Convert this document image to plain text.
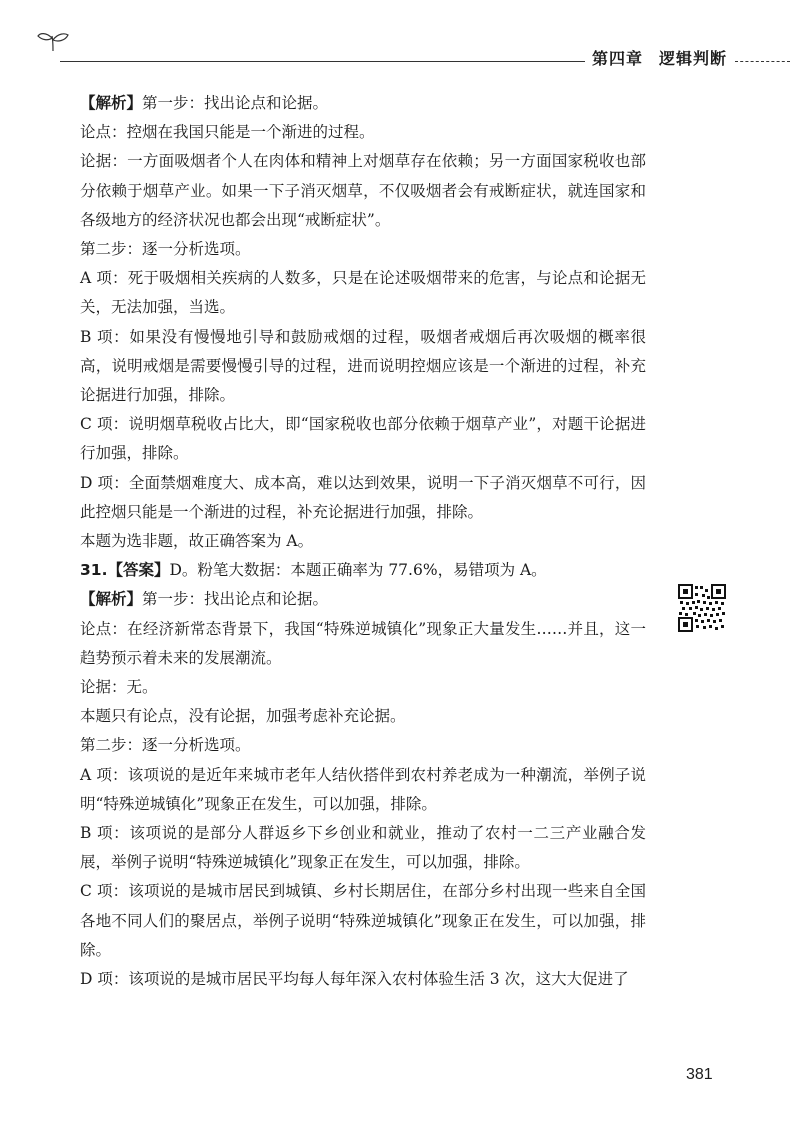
第四章 逻辑判断

【解析】第一步：找出论点和论据。

论点：控烟在我国只能是一个渐进的过程。

论据：一方面吸烟者个人在肉体和精神上对烟草存在依赖；另一方面国家税收也部分依赖于烟草产业。如果一下子消灭烟草，不仅吸烟者会有戒断症状，就连国家和各级地方的经济状况也都会出现“戒断症状”。

第二步：逐一分析选项。

A 项：死于吸烟相关疾病的人数多，只是在论述吸烟带来的危害，与论点和论据无关，无法加强，当选。

B 项：如果没有慢慢地引导和鼓励戒烟的过程，吸烟者戒烟后再次吸烟的概率很高，说明戒烟是需要慢慢引导的过程，进而说明控烟应该是一个渐进的过程，补充论据进行加强，排除。

C 项：说明烟草税收占比大，即“国家税收也部分依赖于烟草产业”，对题干论据进行加强，排除。

D 项：全面禁烟难度大、成本高，难以达到效果，说明一下子消灭烟草不可行，因此控烟只能是一个渐进的过程，补充论据进行加强，排除。

本题为选非题，故正确答案为 A。

31.【答案】D。粉笔大数据：本题正确率为 77.6%，易错项为 A。

【解析】第一步：找出论点和论据。

论点：在经济新常态背景下，我国“特殊逆城镇化”现象正大量发生……并且，这一趋势预示着未来的发展潮流。

论据：无。

本题只有论点，没有论据，加强考虑补充论据。

第二步：逐一分析选项。

A 项：该项说的是近年来城市老年人结伙搭伴到农村养老成为一种潮流，举例子说明“特殊逆城镇化”现象正在发生，可以加强，排除。

B 项：该项说的是部分人群返乡下乡创业和就业，推动了农村一二三产业融合发展，举例子说明“特殊逆城镇化”现象正在发生，可以加强，排除。

C 项：该项说的是城市居民到城镇、乡村长期居住，在部分乡村出现一些来自全国各地不同人们的聚居点，举例子说明“特殊逆城镇化”现象正在发生，可以加强，排除。

D 项：该项说的是城市居民平均每人每年深入农村体验生活 3 次，这大大促进了

381
